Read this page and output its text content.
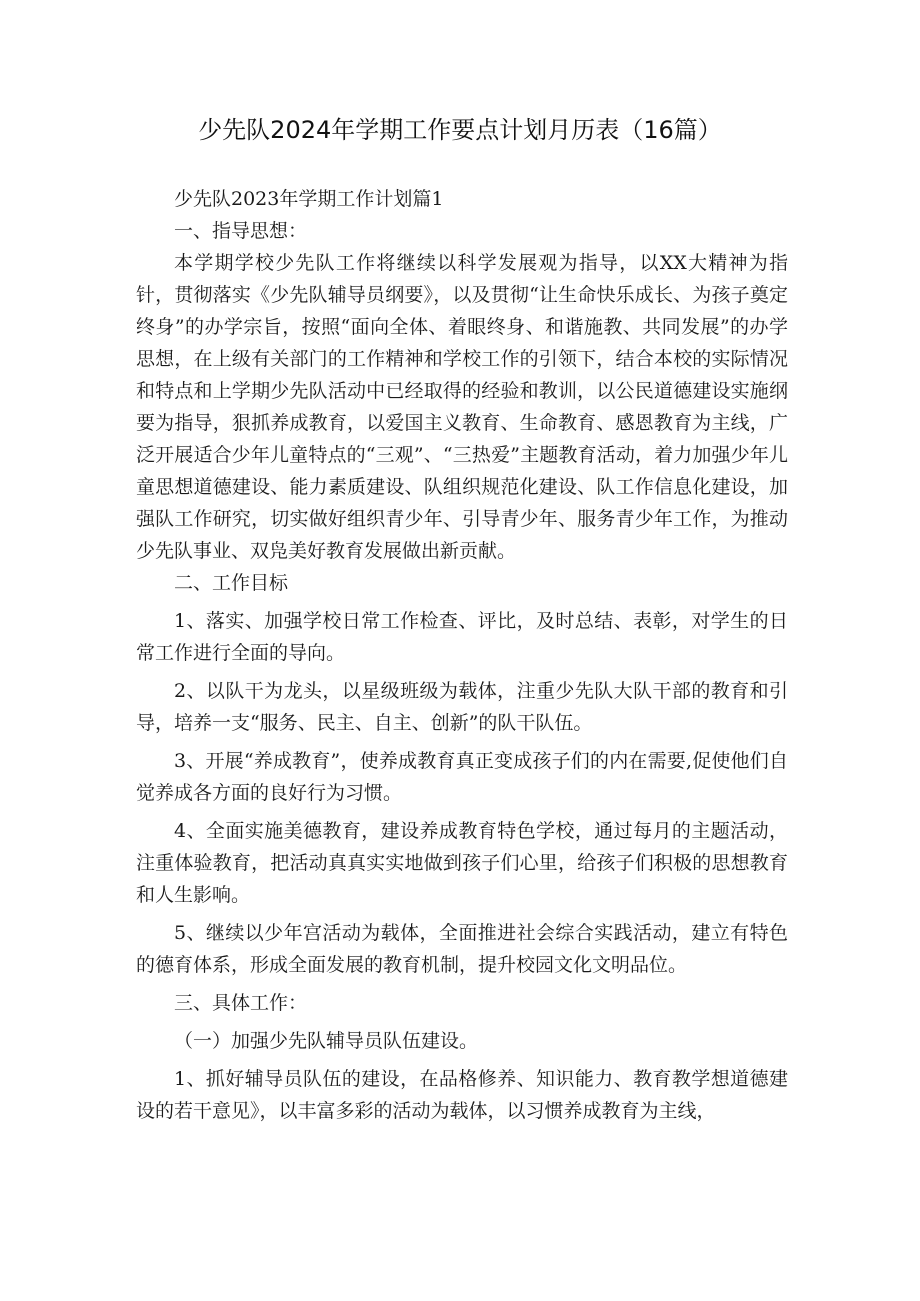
少先队2024年学期工作要点计划月历表（16篇）

少先队2023年学期工作计划篇1

一、指导思想：

本学期学校少先队工作将继续以科学发展观为指导，以XX大精神为指针，贯彻落实《少先队辅导员纲要》，以及贯彻“让生命快乐成长、为孩子奠定终身”的办学宗旨，按照“面向全体、着眼终身、和谐施教、共同发展”的办学思想，在上级有关部门的工作精神和学校工作的引领下，结合本校的实际情况和特点和上学期少先队活动中已经取得的经验和教训，以公民道德建设实施纲要为指导，狠抓养成教育，以爱国主义教育、生命教育、感恩教育为主线，广泛开展适合少年儿童特点的“三观”、“三热爱”主题教育活动，着力加强少年儿童思想道德建设、能力素质建设、队组织规范化建设、队工作信息化建设，加强队工作研究，切实做好组织青少年、引导青少年、服务青少年工作，为推动少先队事业、双凫美好教育发展做出新贡献。

二、工作目标

1、落实、加强学校日常工作检查、评比，及时总结、表彰，对学生的日常工作进行全面的导向。

2、以队干为龙头，以星级班级为载体，注重少先队大队干部的教育和引导，培养一支“服务、民主、自主、创新”的队干队伍。

3、开展“养成教育”，使养成教育真正变成孩子们的内在需要,促使他们自觉养成各方面的良好行为习惯。

4、全面实施美德教育，建设养成教育特色学校，通过每月的主题活动，注重体验教育，把活动真真实实地做到孩子们心里，给孩子们积极的思想教育和人生影响。

5、继续以少年宫活动为载体，全面推进社会综合实践活动，建立有特色的德育体系，形成全面发展的教育机制，提升校园文化文明品位。

三、具体工作：

（一）加强少先队辅导员队伍建设。

1、抓好辅导员队伍的建设，在品格修养、知识能力、教育教学想道德建设的若干意见》，以丰富多彩的活动为载体，以习惯养成教育为主线，
